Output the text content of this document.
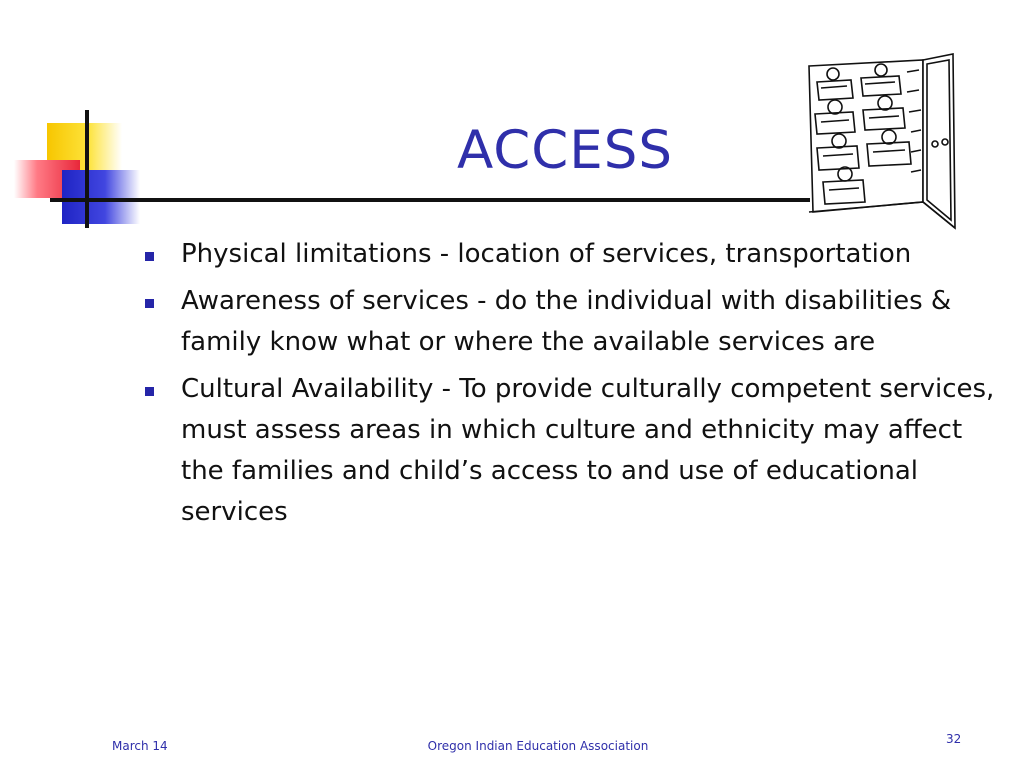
ACCESS
Physical limitations - location of services, transportation
Awareness of services - do the individual with disabilities & family know what or where the available services are
Cultural Availability - To provide culturally competent services, must assess areas in which culture and ethnicity may affect the families and child’s access to and use of educational services
March 14	Oregon Indian Education Association	32
